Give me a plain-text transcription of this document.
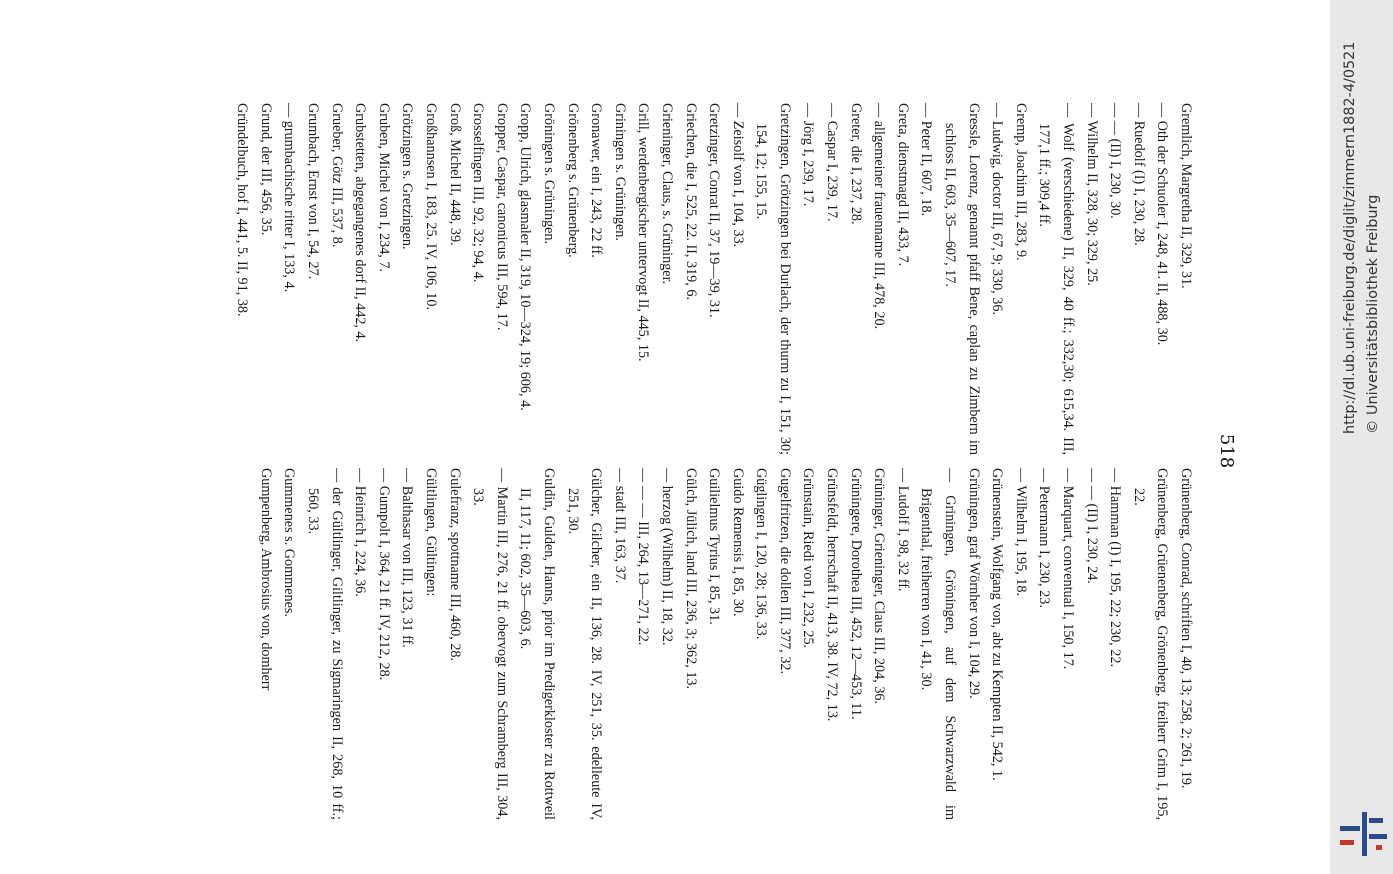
518
Gremlich, Margretha II, 329, 31.
— Oth der Schuoler I, 248, 41. II, 488, 30.
— Ruedolf (I) I, 230, 28.
— — (II) I, 230, 30.
— Wilhelm II, 328, 30; 329, 25.
— Wolf (verschiedene) II, 329, 40 ff.; 332,30; 615,34. III, 177,1 ff.; 309,4 ff.
Gremp, Joachim III, 283, 9.
— Ludwig, doctor III, 67, 9; 330, 36.
Gressle, Lorenz, genannt pfaff Bene, caplan zu Zimbern im schloss II, 603, 35—607, 17.
— Peter II, 607, 18.
Greta, dienstmagd II, 433, 7.
— allgemeiner frauenname III, 478, 20.
Greter, die I, 237, 28.
— Caspar I, 239, 17.
— Jörg I, 239, 17.
Gretzingen, Grötzingen bei Durlach, der thurm zu I, 151, 30; 154, 12; 155, 15.
— Zeisolf von I, 104, 33.
Gretzinger, Conrat II, 37, 19—39, 31.
Griechen, die I, 525, 22. II, 319, 6.
Grieninger, Claus, s. Grüninger.
Grill, werdenbergischer untervogt II, 445, 15.
Griningen s. Grüningen.
Gronawer, ein I, 243, 22 ff.
Grönenberg s. Grünenberg.
Gröningen s. Grüningen.
Gropp, Ulrich, glasmaler II, 319, 10—324, 19; 606, 4.
Gropper, Caspar, canonicus III, 594, 17.
Grosselfingen III, 92, 32; 94, 4.
Groß, Michel II, 448, 39.
Großhannsen I, 183, 25. IV, 106, 10.
Grötzingen s. Gretzingen.
Gruben, Michel von I, 234, 7.
Grubstetten, abgegangenes dorf II, 442, 4.
Grueber, Götz III, 537, 8.
Grumbach, Ernst von I, 54, 27.
— grumbachische ritter I, 133, 4.
Grund, der III, 456, 35.
Gründelbuch, hof I, 441, 5. II, 91, 38.
Grünenberg, Conrad, schriften I, 40, 13; 258, 2; 261, 19.
Grünenberg, Grüenenberg, Grönenberg, freiherr Grim I, 195, 22.
— Hamman (I) I, 195, 22; 230, 22.
— — (II) I, 230, 24.
— Marquart, conventual I, 150, 17.
— Petermann I, 230, 23.
— Wilhelm I, 195, 18.
Grünenstein, Wolfgang von, abt zu Kempten II, 542, 1.
Grüningen, graf Wörnher von I, 104, 29.
— Griningen, Gröningen, auf dem Schwarzwald im Brigenthal, freiherren von I, 41, 30.
— Ludolf I, 98, 32 ff.
Grüninger, Grieninger, Claus III, 204, 36.
Grüningere, Dorothea III, 452, 12—453, 11.
Grünsfeldt, herrschaft II, 413, 38. IV, 72, 13.
Grünstain, Riedi von I, 232, 25.
Gugelfritzen, die dollen III, 377, 32.
Güglingen I, 120, 28; 136, 33.
Guido Remensis I, 85, 30.
Guilielmus Tyrius I, 85, 31.
Gülch, Jülich, land III, 236, 3; 362, 13.
— herzog (Wilhelm) II, 18, 32.
— — — III, 264, 13—271, 22.
— stadt III, 163, 37.
Gülcher, Gilcher, ein II, 136, 28. IV, 251, 35. edelleute IV, 251, 30.
Guldin, Gulden, Hanns, prior im Predigerkloster zu Rottweil II, 117, 11; 602, 35—603, 6.
— Martin III, 276, 21 ff. obervogt zum Schramberg III, 304, 33.
Gulefranz, spottname III, 460, 28.
Gültlingen, Gültingen:
— Balthasar von III, 123, 31 ff.
— Gumpolt I, 364, 21 ff. IV, 212, 28.
— Heinrich I, 224, 36.
— der Gültlinger, Giltlinger, zu Sigmaringen II, 268, 10 ff.; 560, 33.
Gummenes s. Gommenes.
Gumpenberg, Ambrosius von, domherr
http://dl.ub.uni-freiburg.de/diglit/zimmern1882-4/0521 © Universitätsbibliothek Freiburg
